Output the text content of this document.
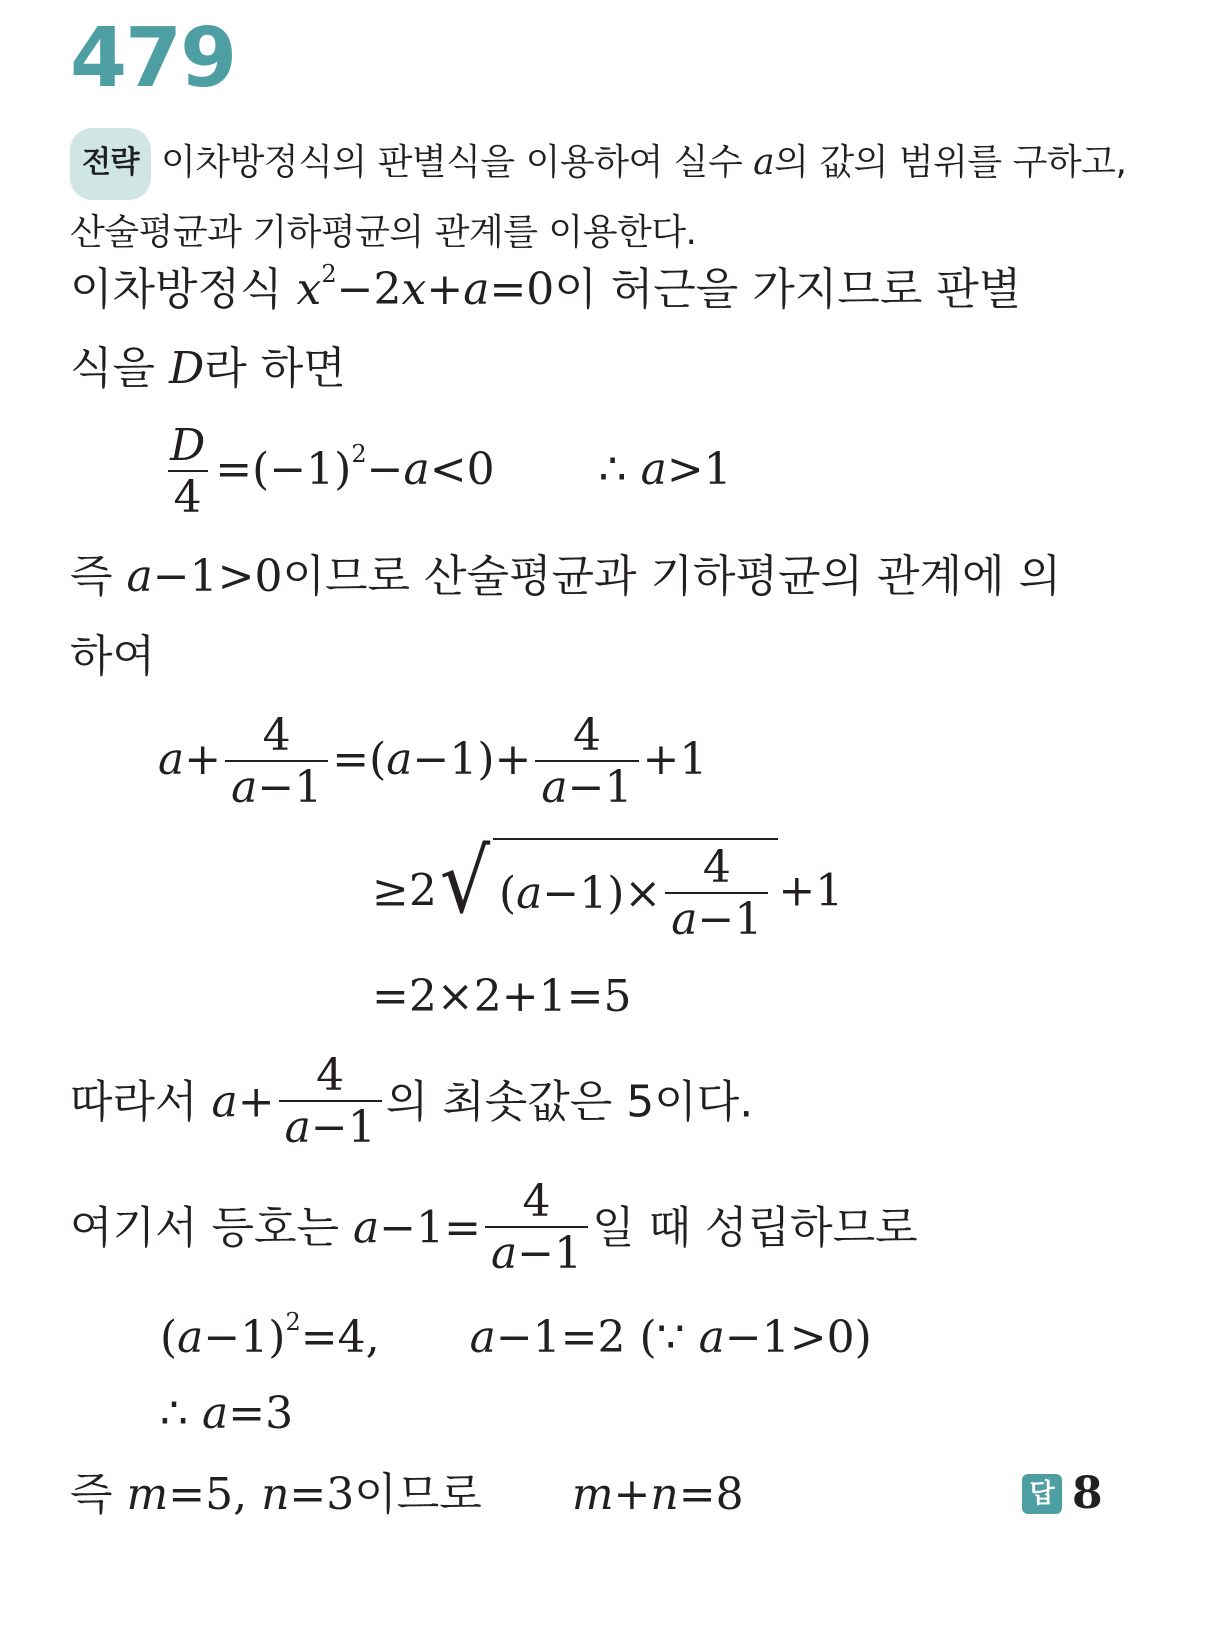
479
전략 이차방정식의 판별식을 이용하여 실수 a의 값의 범위를 구하고, 산술평균과 기하평균의 관계를 이용한다.
이차방정식 $x^2-2x+a=0$이 허근을 가지므로 판별
식을 D라 하면
$\frac{D}{4} =(-1)^2-a<0$ ∴ a>1
즉 a−1>0이므로 산술평균과 기하평균의 관계에 의
하여
$a+ \frac{4}{a-1} =(a-1)+ \frac{4}{a-1} +1$
≥2 √ ( $a -1)\times \frac{4}{a-1} +1$
=2×2+1=5
따라서 $a+ \frac{4}{a-1}$ 의 최솟값은 5이다.
여기서 등호는 $a-1= \frac{4}{a-1}$ 일 때 성립하므로
$(a-1)^2=4$, a−1=2 (∵ a−1>0)
∴ a=3
즉 m=5, n=3이므로 m+n=8	답 8
